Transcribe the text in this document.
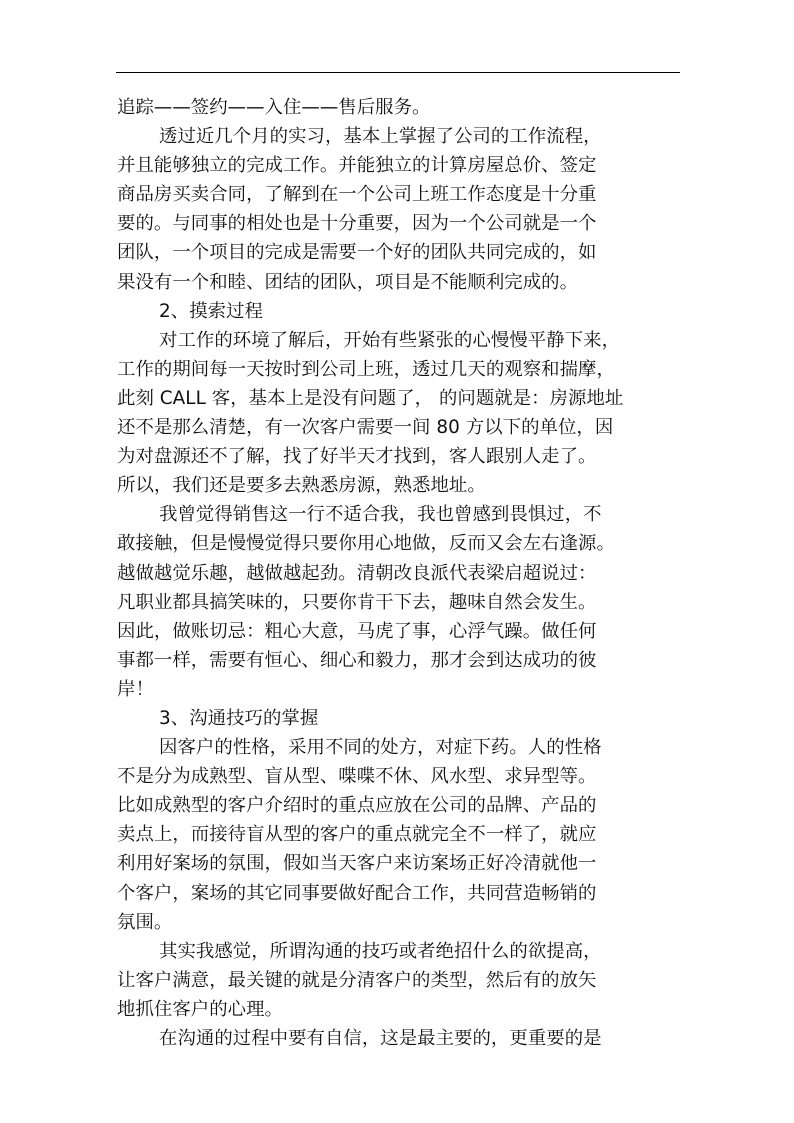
追踪——签约——入住——售后服务。
透过近几个月的实习，基本上掌握了公司的工作流程，
并且能够独立的完成工作。并能独立的计算房屋总价、签定
商品房买卖合同，了解到在一个公司上班工作态度是十分重
要的。与同事的相处也是十分重要，因为一个公司就是一个
团队，一个项目的完成是需要一个好的团队共同完成的，如
果没有一个和睦、团结的团队，项目是不能顺利完成的。
2、摸索过程
对工作的环境了解后，开始有些紧张的心慢慢平静下来，
工作的期间每一天按时到公司上班，透过几天的观察和揣摩，
此刻 CALL 客，基本上是没有问题了， 的问题就是：房源地址
还不是那么清楚，有一次客户需要一间 80 方以下的单位，因
为对盘源还不了解，找了好半天才找到，客人跟别人走了。
所以，我们还是要多去熟悉房源，熟悉地址。
我曾觉得销售这一行不适合我，我也曾感到畏惧过，不
敢接触，但是慢慢觉得只要你用心地做，反而又会左右逢源。
越做越觉乐趣，越做越起劲。清朝改良派代表梁启超说过：
凡职业都具搞笑味的，只要你肯干下去，趣味自然会发生。
因此，做账切忌：粗心大意，马虎了事，心浮气躁。做任何
事都一样，需要有恒心、细心和毅力，那才会到达成功的彼
岸！
3、沟通技巧的掌握
因客户的性格，采用不同的处方，对症下药。人的性格
不是分为成熟型、盲从型、喋喋不休、风水型、求异型等。
比如成熟型的客户介绍时的重点应放在公司的品牌、产品的
卖点上，而接待盲从型的客户的重点就完全不一样了，就应
利用好案场的氛围，假如当天客户来访案场正好冷清就他一
个客户，案场的其它同事要做好配合工作，共同营造畅销的
氛围。
其实我感觉，所谓沟通的技巧或者绝招什么的欲提高，
让客户满意，最关键的就是分清客户的类型，然后有的放矢
地抓住客户的心理。
在沟通的过程中要有自信，这是最主要的，更重要的是
